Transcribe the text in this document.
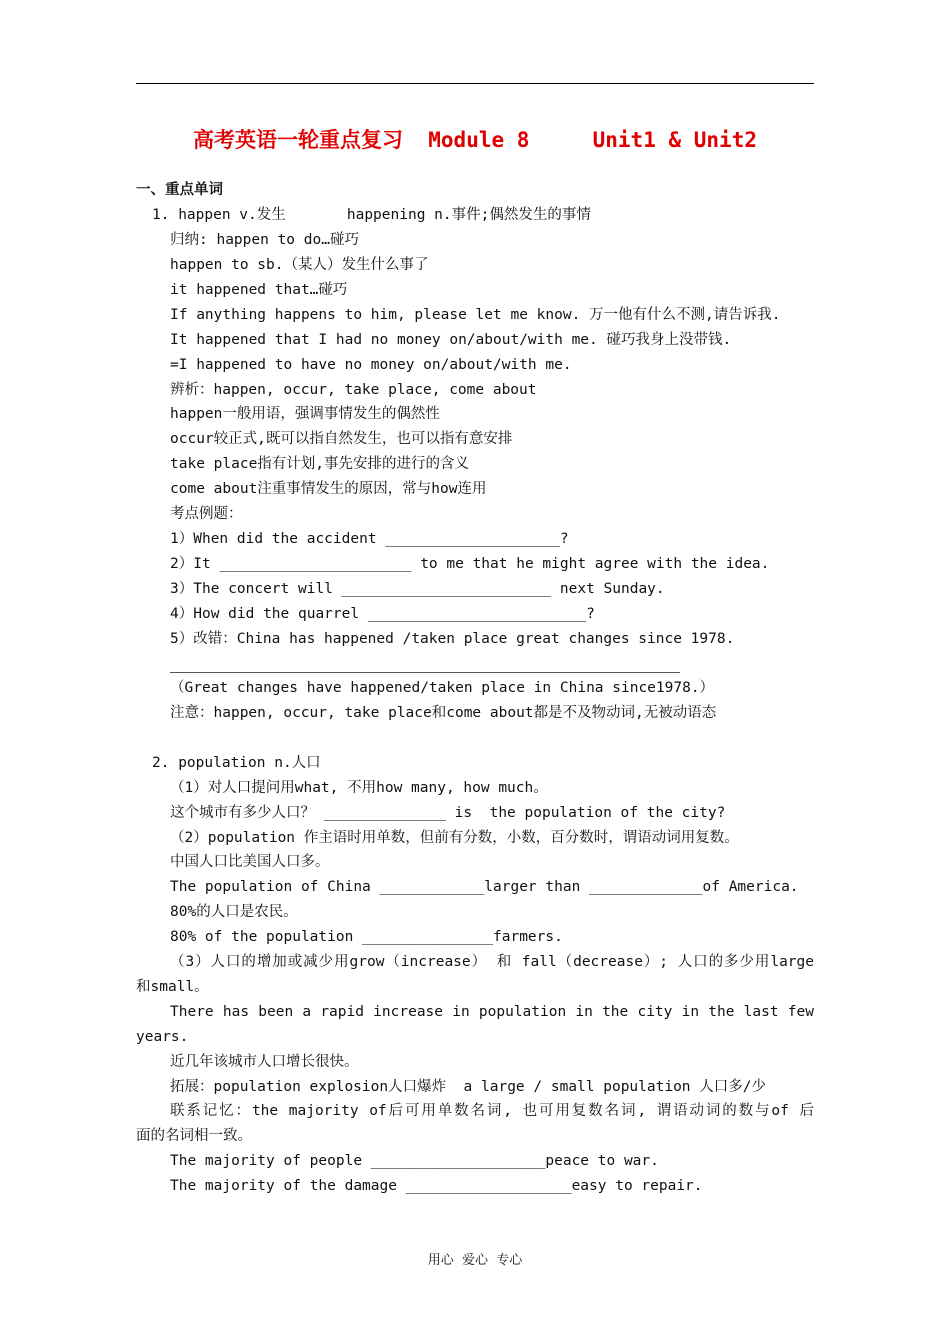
高考英语一轮重点复习  Module 8     Unit1 & Unit2
一、重点单词
1. happen v.发生       happening n.事件;偶然发生的事情
归纳: happen to do…碰巧
happen to sb.（某人）发生什么事了
it happened that…碰巧
If anything happens to him, please let me know. 万一他有什么不测,请告诉我.
It happened that I had no money on/about/with me. 碰巧我身上没带钱.
=I happened to have no money on/about/with me.
辨析：happen, occur, take place, come about
happen一般用语，强调事情发生的偶然性
occur较正式,既可以指自然发生，也可以指有意安排
take place指有计划,事先安排的进行的含义
come about注重事情发生的原因，常与how连用
考点例题：
1）When did the accident ____________________?
2）It ______________________ to me that he might agree with the idea.
3）The concert will ________________________ next Sunday.
4）How did the quarrel _________________________?
5）改错：China has happened /taken place great changes since 1978.
（Great changes have happened/taken place in China since1978.）
注意：happen, occur, take place和come about都是不及物动词,无被动语态
2. population n.人口
（1）对人口提问用what, 不用how many, how much。
这个城市有多少人口？ ______________ is  the population of the city?
（2）population 作主语时用单数，但前有分数，小数，百分数时，谓语动词用复数。
中国人口比美国人口多。
The population of China ____________larger than _____________of America.
80%的人口是农民。
80% of the population _______________farmers.
（3）人口的增加或减少用grow（increase） 和 fall（decrease）; 人口的多少用large
和small。
There has been a rapid increase in population in the city in the last few
years.
近几年该城市人口增长很快。
拓展：population explosion人口爆炸  a large / small population 人口多/少
联系记忆：the majority of后可用单数名词, 也可用复数名词, 谓语动词的数与of 后
面的名词相一致。
The majority of people ____________________peace to war.
The majority of the damage ___________________easy to repair.
用心  爱心  专心
